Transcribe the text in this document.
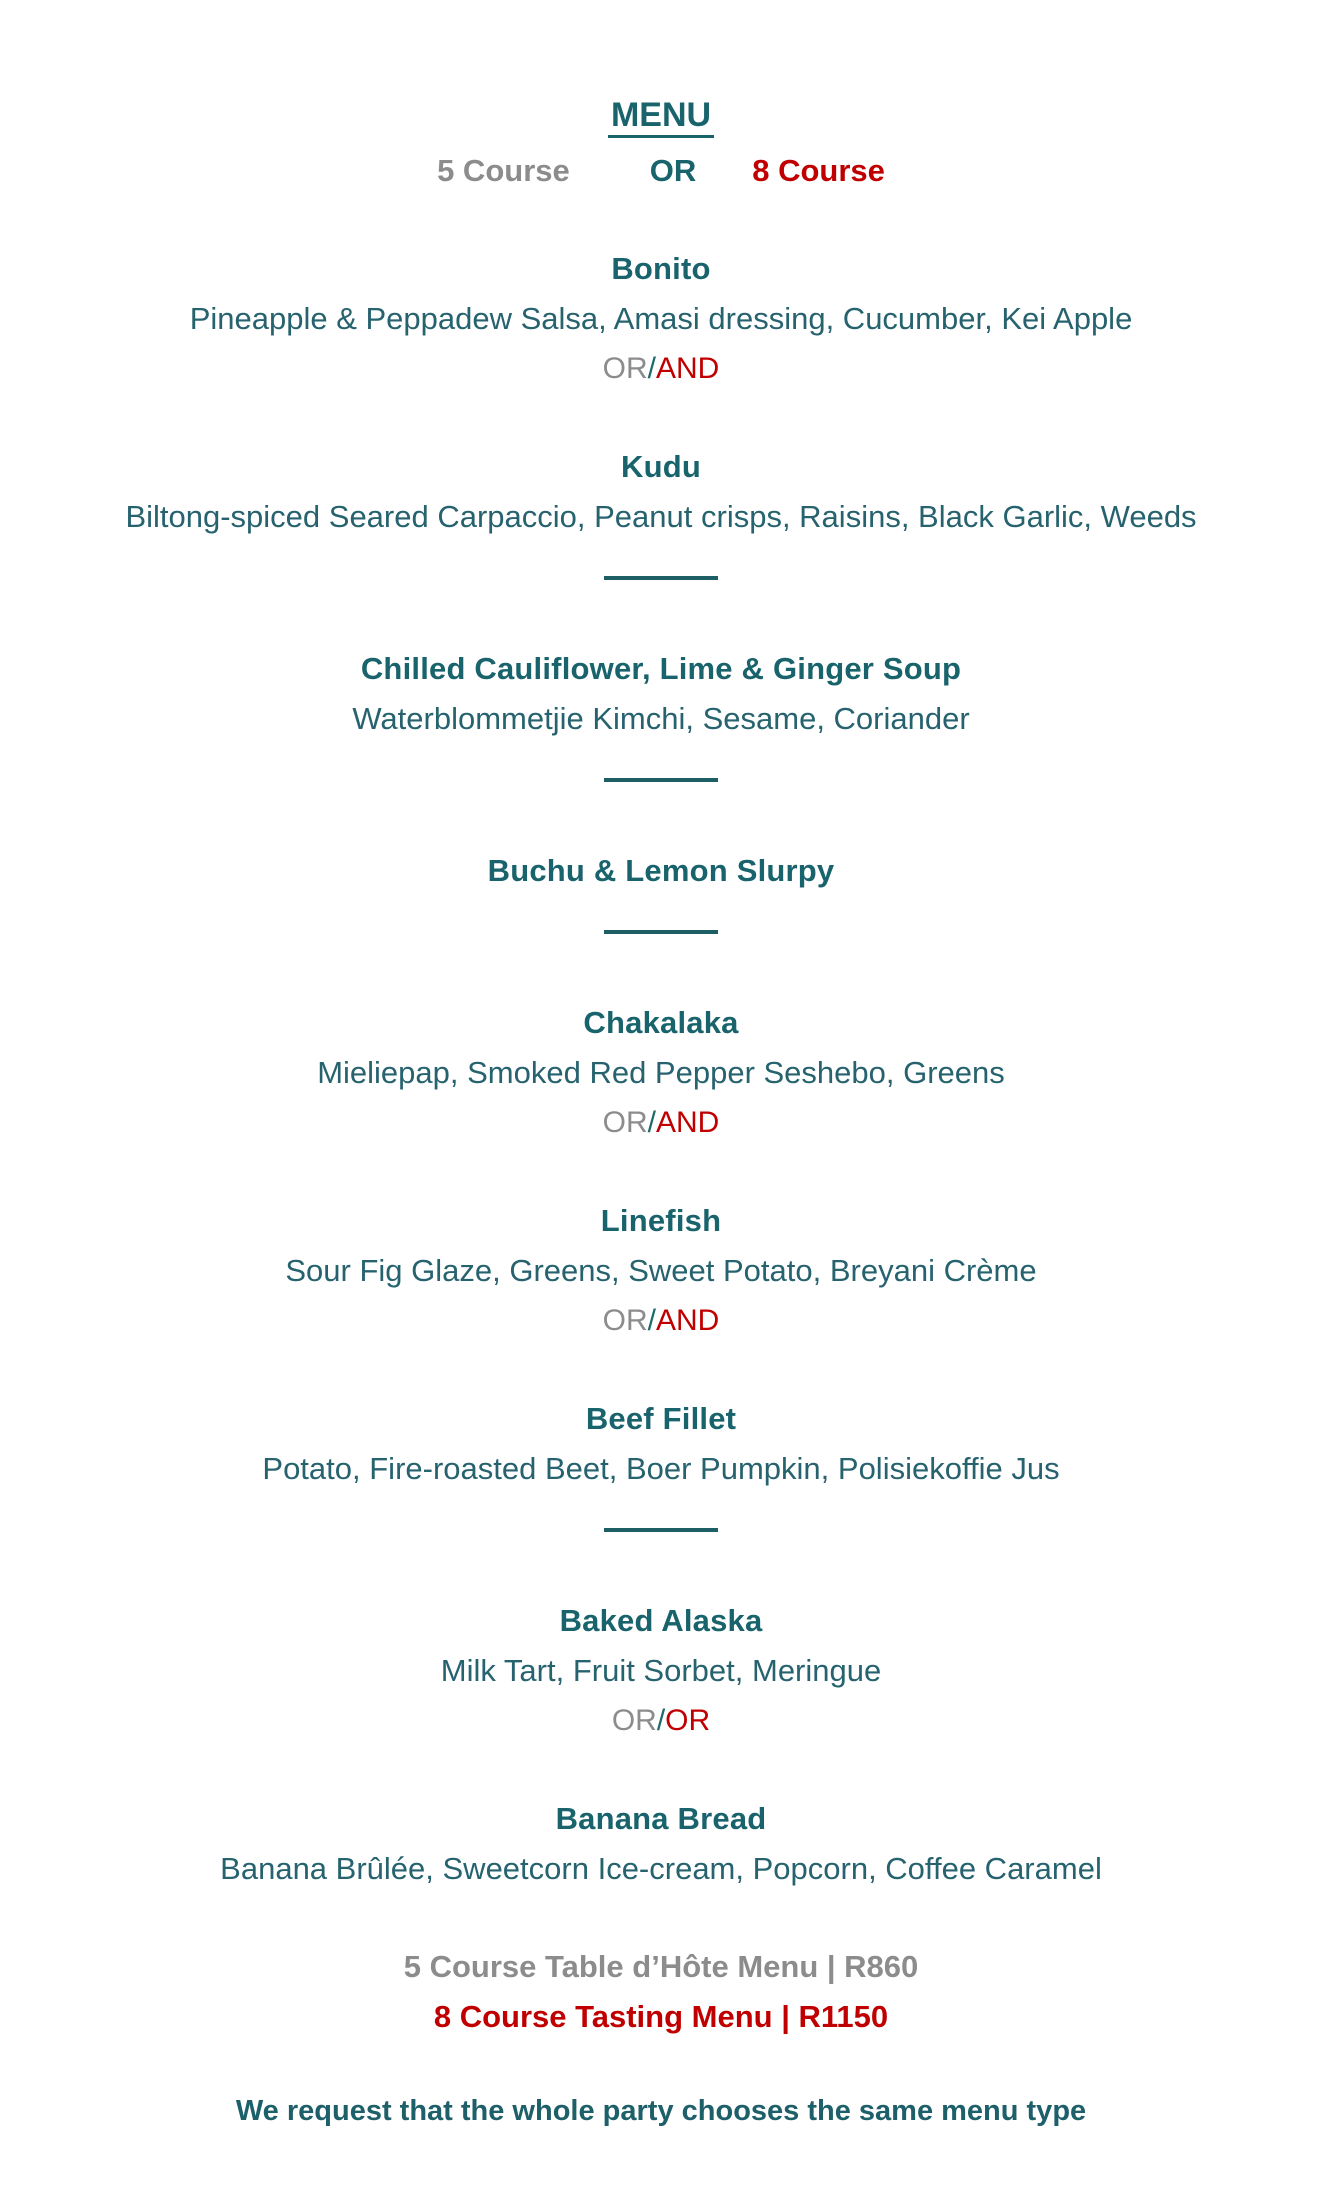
MENU
5 Course	OR 8 Course
Bonito
Pineapple & Peppadew Salsa, Amasi dressing, Cucumber, Kei Apple
OR/AND
Kudu
Biltong-spiced Seared Carpaccio, Peanut crisps, Raisins, Black Garlic, Weeds
Chilled Cauliflower, Lime & Ginger Soup
Waterblommetjie Kimchi, Sesame, Coriander
Buchu & Lemon Slurpy
Chakalaka
Mieliepap, Smoked Red Pepper Seshebo, Greens
OR/AND
Linefish
Sour Fig Glaze, Greens, Sweet Potato, Breyani Crème
OR/AND
Beef Fillet
Potato, Fire-roasted Beet, Boer Pumpkin, Polisiekoffie Jus
Baked Alaska
Milk Tart, Fruit Sorbet, Meringue
OR/OR
Banana Bread
Banana Brûlée, Sweetcorn Ice-cream, Popcorn, Coffee Caramel
5 Course Table d’Hôte Menu | R860
8 Course Tasting Menu | R1150
We request that the whole party chooses the same menu type
